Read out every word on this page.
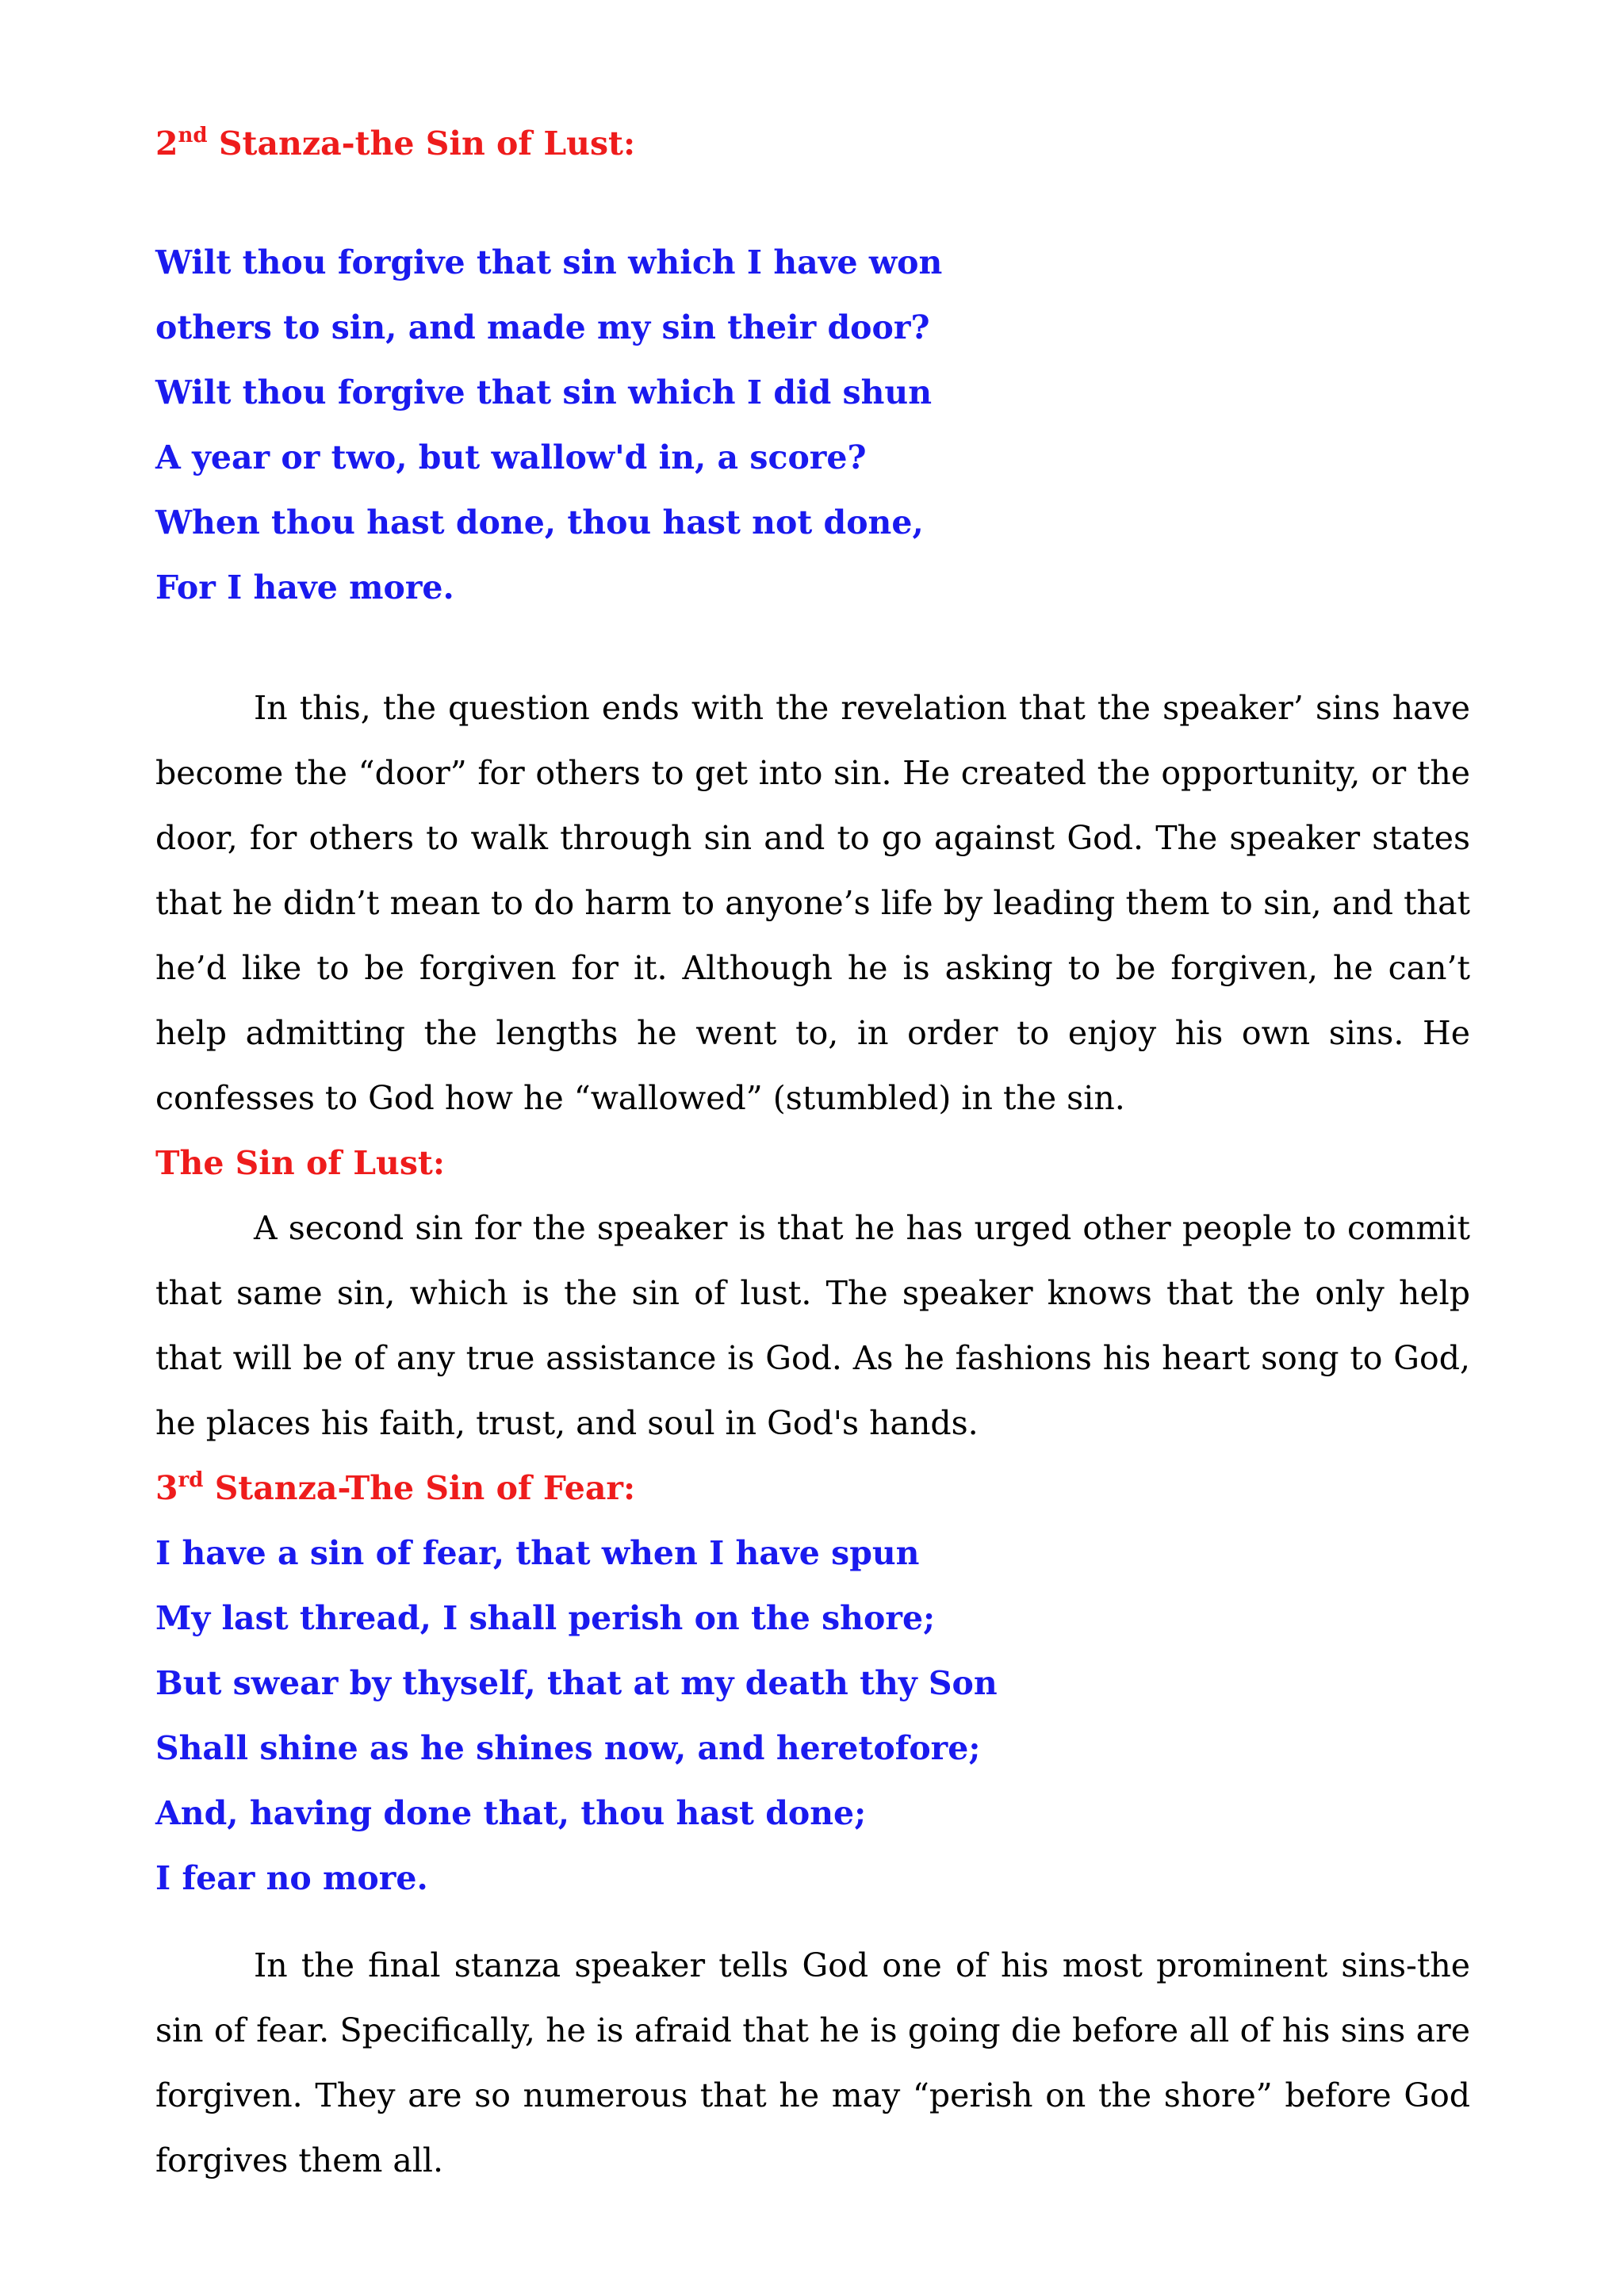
2nd Stanza-the Sin of Lust:
Wilt thou forgive that sin which I have won
others to sin, and made my sin their door?
Wilt thou forgive that sin which I did shun
A year or two, but wallow'd in, a score?
When thou hast done, thou hast not done,
For I have more.

In this, the question ends with the revelation that the speaker’ sins have become the “door” for others to get into sin. He created the opportunity, or the door, for others to walk through sin and to go against God. The speaker states that he didn’t mean to do harm to anyone’s life by leading them to sin, and that he’d like to be forgiven for it. Although he is asking to be forgiven, he can’t help admitting the lengths he went to, in order to enjoy his own sins. He confesses to God how he “wallowed” (stumbled) in the sin.

The Sin of Lust:

A second sin for the speaker is that he has urged other people to commit that same sin, which is the sin of lust. The speaker knows that the only help that will be of any true assistance is God. As he fashions his heart song to God, he places his faith, trust, and soul in God's hands.

3rd Stanza-The Sin of Fear:
I have a sin of fear, that when I have spun
My last thread, I shall perish on the shore;
But swear by thyself, that at my death thy Son
Shall shine as he shines now, and heretofore;
And, having done that, thou hast done;
I fear no more.

In the final stanza speaker tells God one of his most prominent sins-the sin of fear. Specifically, he is afraid that he is going die before all of his sins are forgiven. They are so numerous that he may “perish on the shore” before God forgives them all.
